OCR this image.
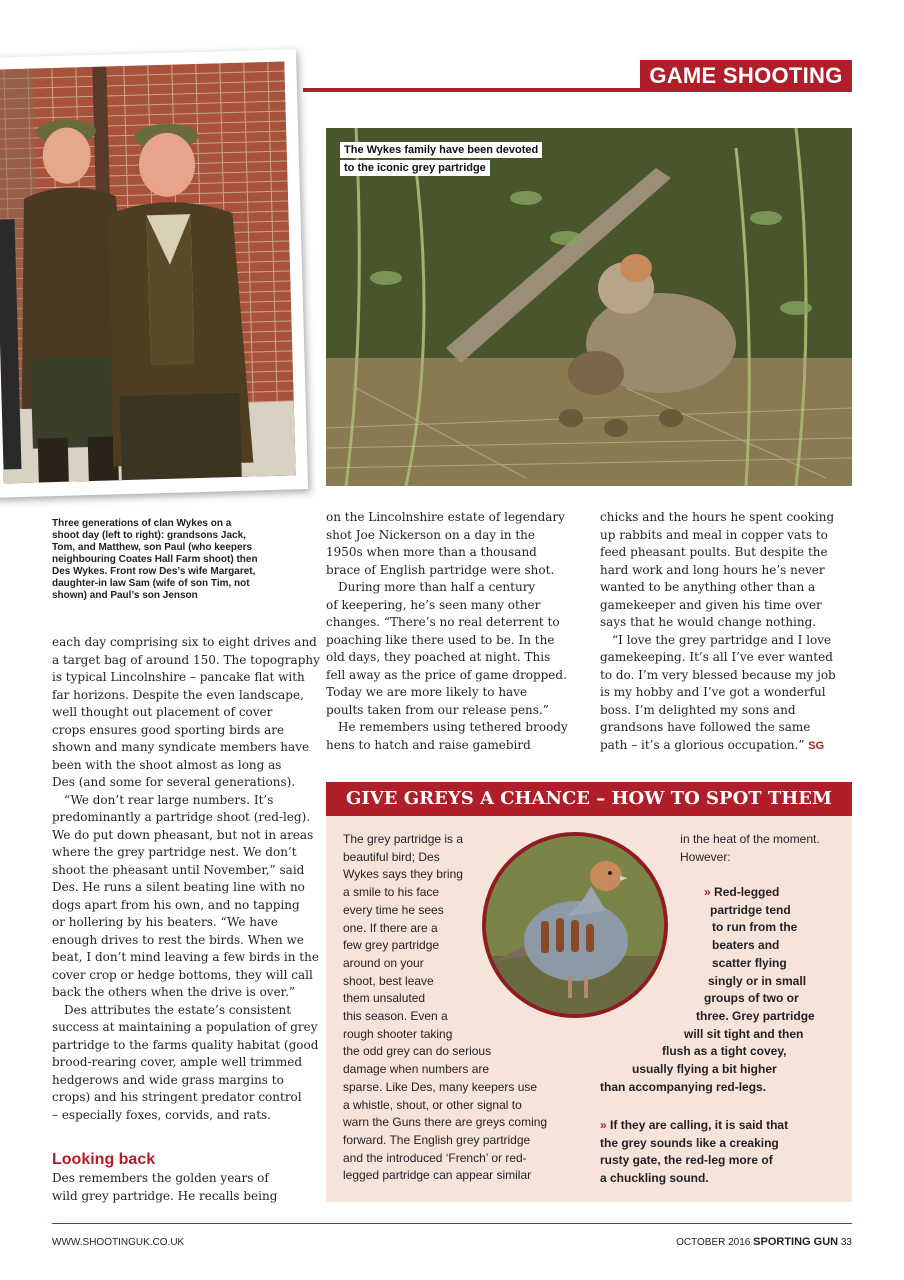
GAME SHOOTING
The Wykes family have been devoted
to the iconic grey partridge
Three generations of clan Wykes on a
shoot day (left to right): grandsons Jack,
Tom, and Matthew, son Paul (who keepers
neighbouring Coates Hall Farm shoot) then
Des Wykes. Front row Des’s wife Margaret,
daughter-in law Sam (wife of son Tim, not
shown) and Paul’s son Jenson
each day comprising six to eight drives and
a target bag of around 150. The topography
is typical Lincolnshire – pancake flat with
far horizons. Despite the even landscape,
well thought out placement of cover
crops ensures good sporting birds are
shown and many syndicate members have
been with the shoot almost as long as
Des (and some for several generations).
“We don’t rear large numbers. It’s
predominantly a partridge shoot (red-leg).
We do put down pheasant, but not in areas
where the grey partridge nest. We don’t
shoot the pheasant until November,” said
Des. He runs a silent beating line with no
dogs apart from his own, and no tapping
or hollering by his beaters. “We have
enough drives to rest the birds. When we
beat, I don’t mind leaving a few birds in the
cover crop or hedge bottoms, they will call
back the others when the drive is over.”
Des attributes the estate’s consistent
success at maintaining a population of grey
partridge to the farms quality habitat (good
brood-rearing cover, ample well trimmed
hedgerows and wide grass margins to
crops) and his stringent predator control
– especially foxes, corvids, and rats.
Looking back
Des remembers the golden years of
wild grey partridge. He recalls being
on the Lincolnshire estate of legendary
shot Joe Nickerson on a day in the
1950s when more than a thousand
brace of English partridge were shot.
During more than half a century
of keepering, he’s seen many other
changes. “There’s no real deterrent to
poaching like there used to be. In the
old days, they poached at night. This
fell away as the price of game dropped.
Today we are more likely to have
poults taken from our release pens.”
He remembers using tethered broody
hens to hatch and raise gamebird
chicks and the hours he spent cooking
up rabbits and meal in copper vats to
feed pheasant poults. But despite the
hard work and long hours he’s never
wanted to be anything other than a
gamekeeper and given his time over
says that he would change nothing.
“I love the grey partridge and I love
gamekeeping. It’s all I’ve ever wanted
to do. I’m very blessed because my job
is my hobby and I’ve got a wonderful
boss. I’m delighted my sons and
grandsons have followed the same
path – it’s a glorious occupation.” SG
GIVE GREYS A CHANCE – HOW TO SPOT THEM
The grey partridge is a
beautiful bird; Des
Wykes says they bring
a smile to his face
every time he sees
one. If there are a
few grey partridge
around on your
shoot, best leave
them unsaluted
this season. Even a
rough shooter taking
the odd grey can do serious
damage when numbers are
sparse. Like Des, many keepers use
a whistle, shout, or other signal to
warn the Guns there are greys coming
forward. The English grey partridge
and the introduced ‘French’ or red-
legged partridge can appear similar
in the heat of the moment.
However:
» Red-legged
partridge tend
to run from the
beaters and
scatter flying
singly or in small
groups of two or
three. Grey partridge
will sit tight and then
flush as a tight covey,
usually flying a bit higher
than accompanying red-legs.
» If they are calling, it is said that
the grey sounds like a creaking
rusty gate, the red-leg more of
a chuckling sound.
WWW.SHOOTINGUK.CO.UK	OCTOBER 2016 SPORTING GUN 33
